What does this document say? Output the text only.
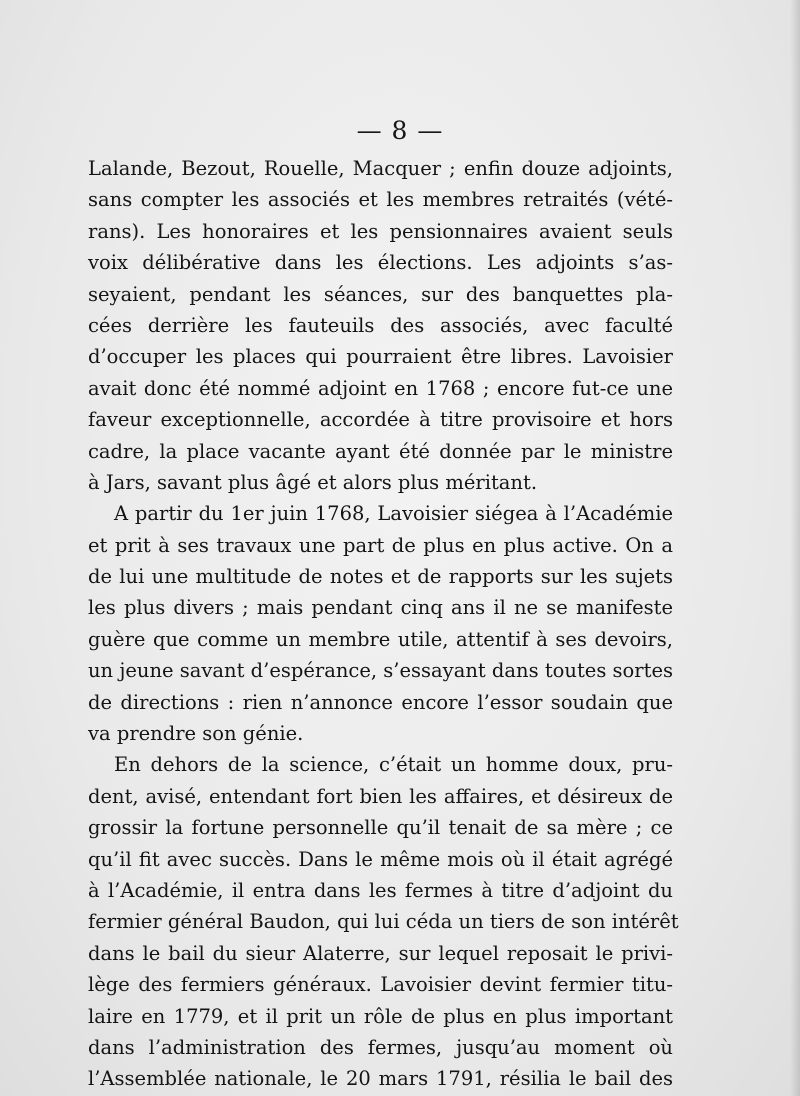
— 8 —
Lalande, Bezout, Rouelle, Macquer ; enfin douze adjoints,
sans compter les associés et les membres retraités (vété-
rans). Les honoraires et les pensionnaires avaient seuls
voix délibérative dans les élections. Les adjoints s’as-
seyaient, pendant les séances, sur des banquettes pla-
cées derrière les fauteuils des associés, avec faculté
d’occuper les places qui pourraient être libres. Lavoisier
avait donc été nommé adjoint en 1768 ; encore fut-ce une
faveur exceptionnelle, accordée à titre provisoire et hors
cadre, la place vacante ayant été donnée par le ministre
à Jars, savant plus âgé et alors plus méritant.
A partir du 1er juin 1768, Lavoisier siégea à l’Académie
et prit à ses travaux une part de plus en plus active. On a
de lui une multitude de notes et de rapports sur les sujets
les plus divers ; mais pendant cinq ans il ne se manifeste
guère que comme un membre utile, attentif à ses devoirs,
un jeune savant d’espérance, s’essayant dans toutes sortes
de directions : rien n’annonce encore l’essor soudain que
va prendre son génie.
En dehors de la science, c’était un homme doux, pru-
dent, avisé, entendant fort bien les affaires, et désireux de
grossir la fortune personnelle qu’il tenait de sa mère ; ce
qu’il fit avec succès. Dans le même mois où il était agrégé
à l’Académie, il entra dans les fermes à titre d’adjoint du
fermier général Baudon, qui lui céda un tiers de son intérêt
dans le bail du sieur Alaterre, sur lequel reposait le privi-
lège des fermiers généraux. Lavoisier devint fermier titu-
laire en 1779, et il prit un rôle de plus en plus important
dans l’administration des fermes, jusqu’au moment où
l’Assemblée nationale, le 20 mars 1791, résilia le bail des
